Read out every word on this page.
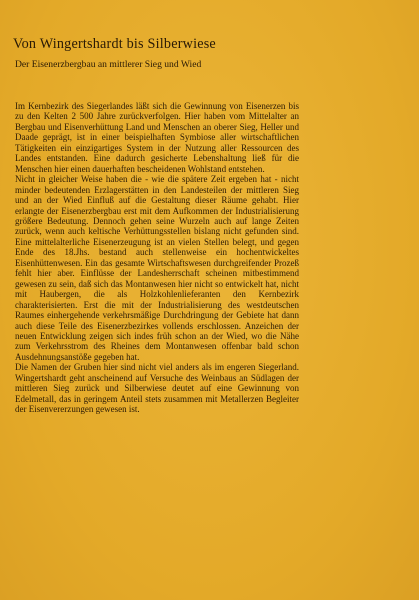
Von Wingertshardt bis Silberwiese
Der Eisenerzbergbau an mittlerer Sieg und Wied

Im Kernbezirk des Siegerlandes läßt sich die Gewinnung von Eisenerzen bis zu den Kelten 2 500 Jahre zurückverfolgen. Hier haben vom Mittelalter an Bergbau und Eisenverhüttung Land und Menschen an oberer Sieg, Heller und Daade geprägt, ist in einer beispielhaften Symbiose aller wirtschaftlichen Tätigkeiten ein einzigartiges System in der Nutzung aller Ressourcen des Landes entstanden. Eine dadurch gesicherte Lebenshaltung ließ für die Menschen hier einen dauerhaften bescheidenen Wohlstand entstehen.

Nicht in gleicher Weise haben die - wie die spätere Zeit ergeben hat - nicht minder bedeutenden Erzlagerstätten in den Landesteilen der mittleren Sieg und an der Wied Einfluß auf die Gestaltung dieser Räume gehabt. Hier erlangte der Eisenerzbergbau erst mit dem Aufkommen der Industrialisierung größere Bedeutung. Dennoch gehen seine Wurzeln auch auf lange Zeiten zurück, wenn auch keltische Verhüttungsstellen bislang nicht gefunden sind. Eine mittelalterliche Eisenerzeugung ist an vielen Stellen belegt, und gegen Ende des 18.Jhs. bestand auch stellenweise ein hochentwickeltes Eisenhüttenwesen. Ein das gesamte Wirtschaftswesen durchgreifender Prozeß fehlt hier aber. Einflüsse der Landesherrschaft scheinen mitbestimmend gewesen zu sein, daß sich das Montanwesen hier nicht so entwickelt hat, nicht mit Haubergen, die als Holzkohlenlieferanten den Kernbezirk charakterisierten. Erst die mit der Industrialisierung des westdeutschen Raumes einhergehende verkehrsmäßige Durchdringung der Gebiete hat dann auch diese Teile des Eisenerzbezirkes vollends erschlossen. Anzeichen der neuen Entwicklung zeigen sich indes früh schon an der Wied, wo die Nähe zum Verkehrsstrom des Rheines dem Montanwesen offenbar bald schon Ausdehnungsanstöße gegeben hat.

Die Namen der Gruben hier sind nicht viel anders als im engeren Siegerland. Wingertshardt geht anscheinend auf Versuche des Weinbaus an Südlagen der mittleren Sieg zurück und Silberwiese deutet auf eine Gewinnung von Edelmetall, das in geringem Anteil stets zusammen mit Metallerzen Begleiter der Eisenvererzungen gewesen ist.
